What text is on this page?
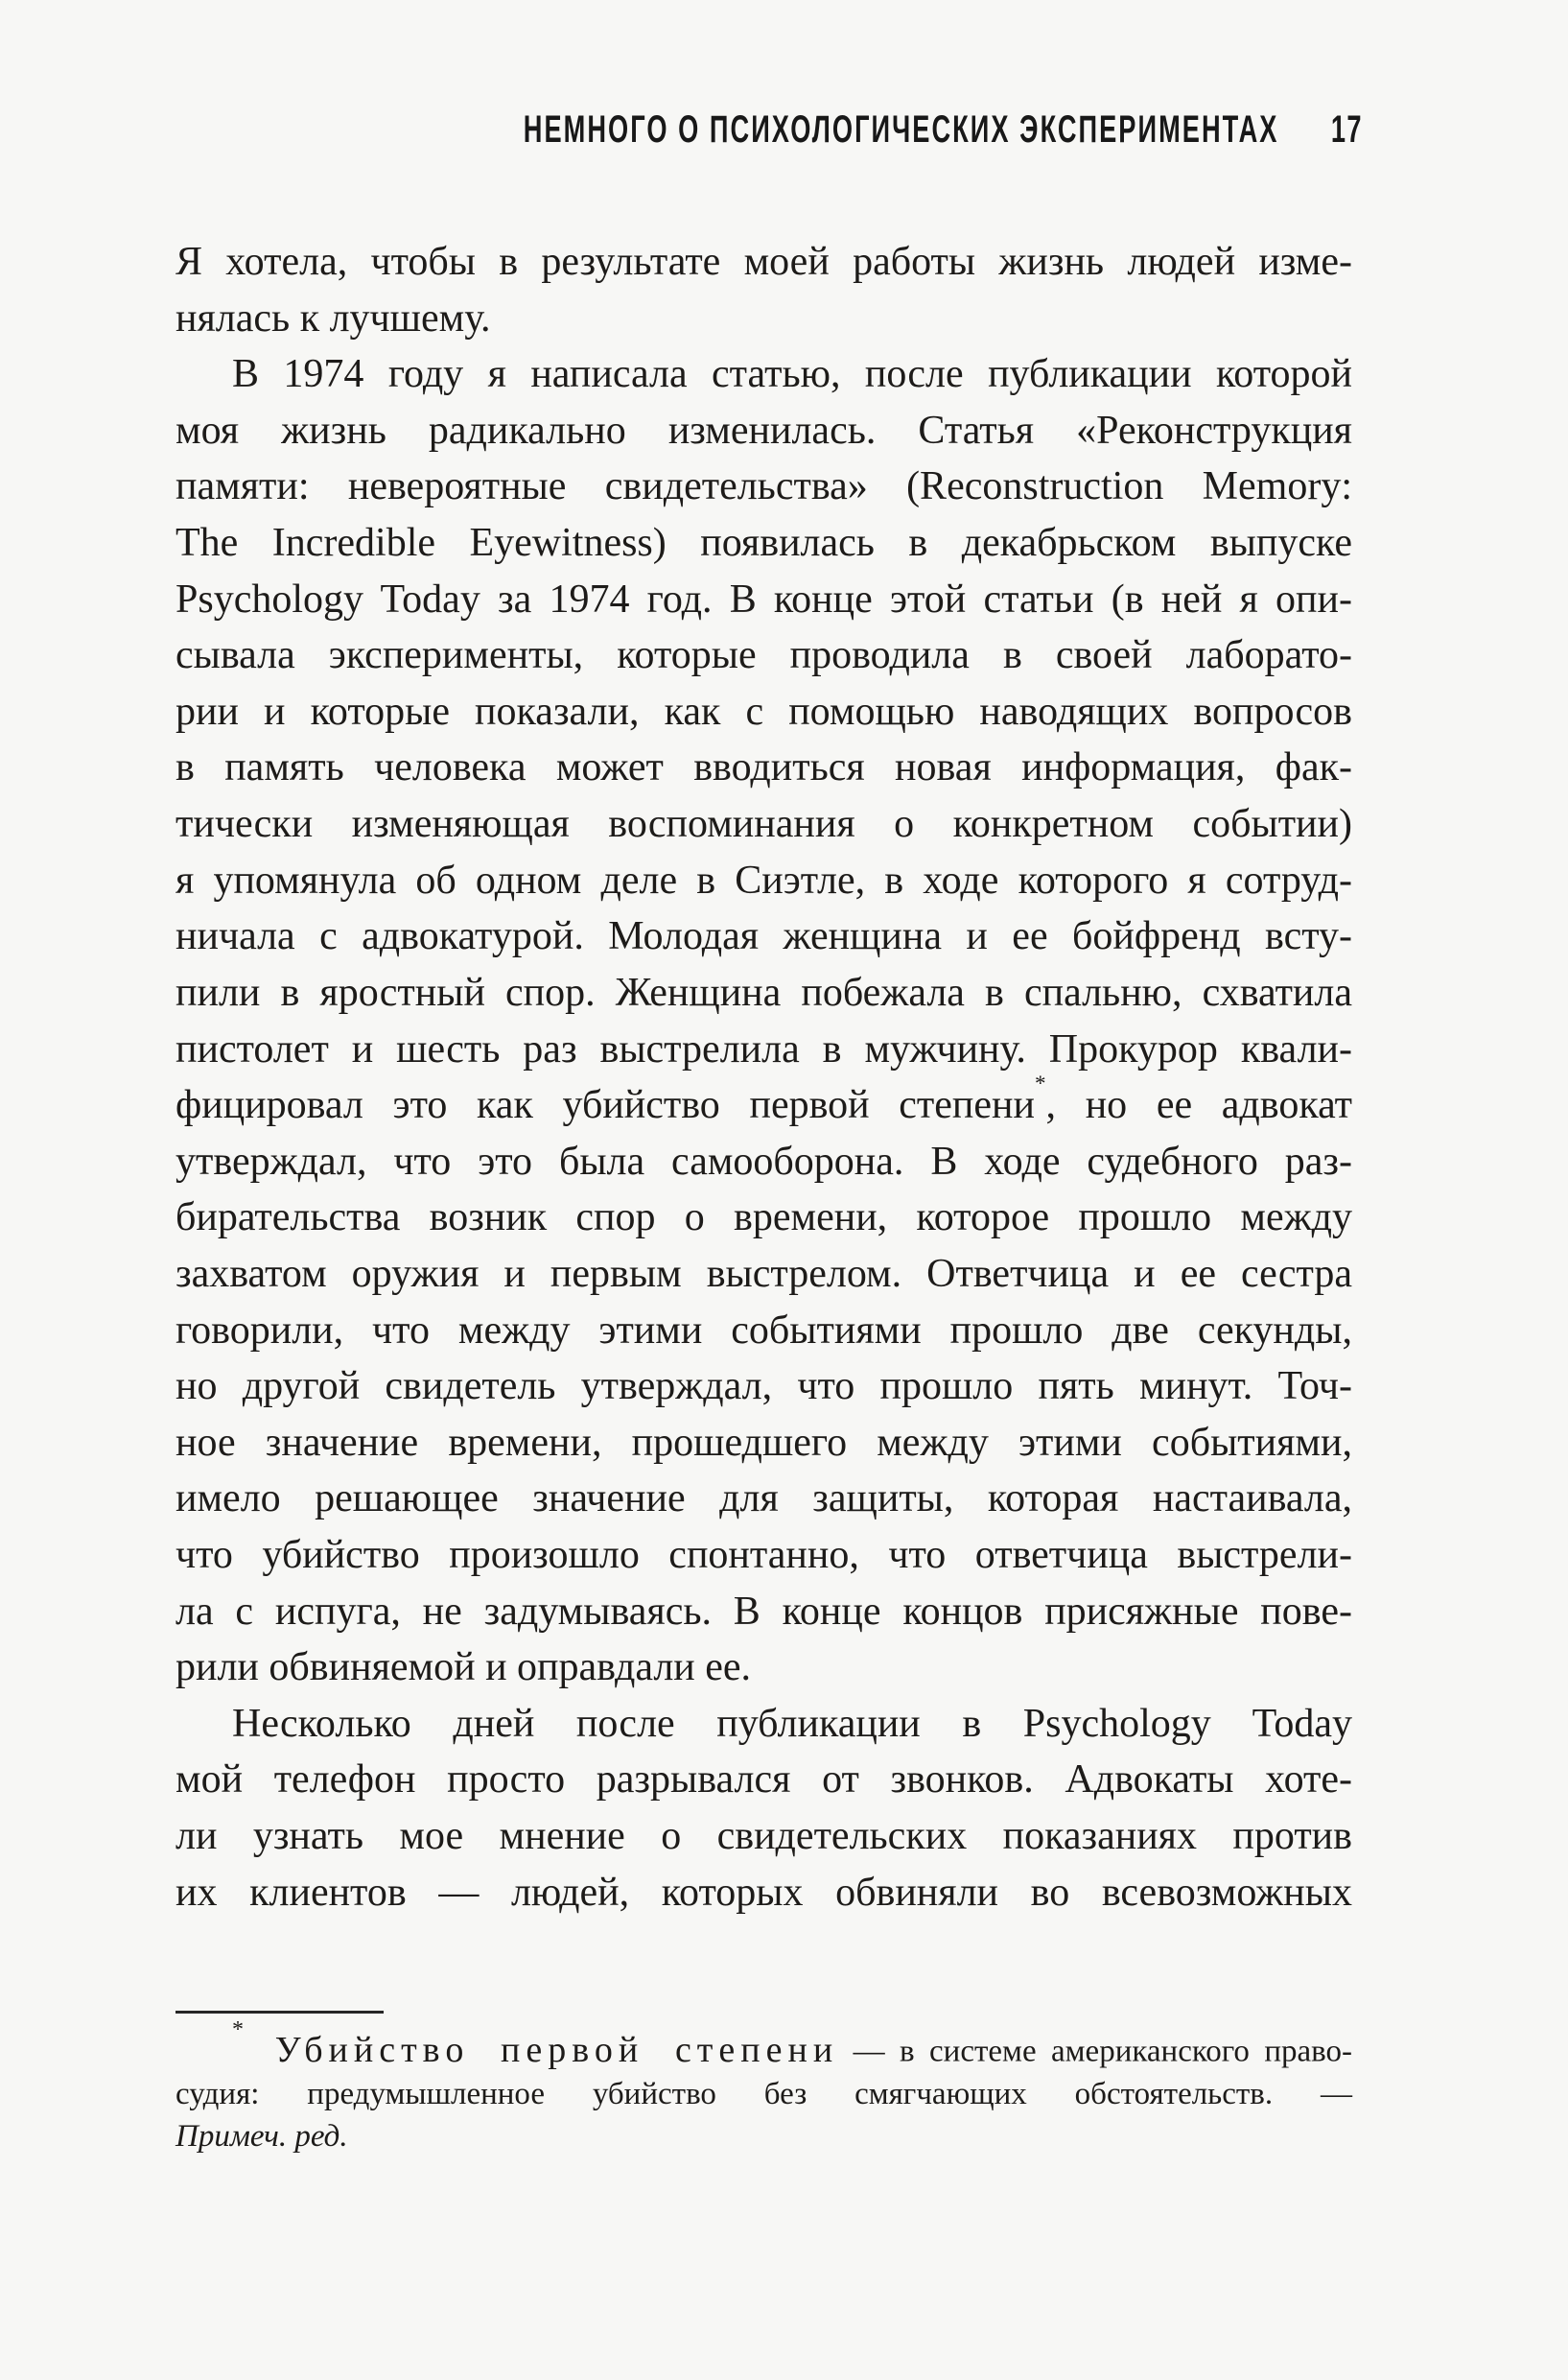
НЕМНОГО О ПСИХОЛОГИЧЕСКИХ ЭКСПЕРИМЕНТАХ 17
Я хотела, чтобы в результате моей работы жизнь людей изме-
нялась к лучшему.
В 1974 году я написала статью, после публикации которой
моя жизнь радикально изменилась. Статья «Реконструкция
памяти: невероятные свидетельства» (Reconstruction Memory:
The Incredible Eyewitness) появилась в декабрьском выпуске
Psychology Today за 1974 год. В конце этой статьи (в ней я опи-
сывала эксперименты, которые проводила в своей лаборато-
рии и которые показали, как с помощью наводящих вопросов
в память человека может вводиться новая информация, фак-
тически изменяющая воспоминания о конкретном событии)
я упомянула об одном деле в Сиэтле, в ходе которого я сотруд-
ничала с адвокатурой. Молодая женщина и ее бойфренд всту-
пили в яростный спор. Женщина побежала в спальню, схватила
пистолет и шесть раз выстрелила в мужчину. Прокурор квали-
фицировал это как убийство первой степени*, но ее адвокат
утверждал, что это была самооборона. В ходе судебного раз-
бирательства возник спор о времени, которое прошло между
захватом оружия и первым выстрелом. Ответчица и ее сестра
говорили, что между этими событиями прошло две секунды,
но другой свидетель утверждал, что прошло пять минут. Точ-
ное значение времени, прошедшего между этими событиями,
имело решающее значение для защиты, которая настаивала,
что убийство произошло спонтанно, что ответчица выстрели-
ла с испуга, не задумываясь. В конце концов присяжные пове-
рили обвиняемой и оправдали ее.
Несколько дней после публикации в Psychology Today
мой телефон просто разрывался от звонков. Адвокаты хоте-
ли узнать мое мнение о свидетельских показаниях против
их клиентов — людей, которых обвиняли во всевозможных
* Убийство первой степени — в системе американского право-
судия: предумышленное убийство без смягчающих обстоятельств. —
Примеч. ред.
